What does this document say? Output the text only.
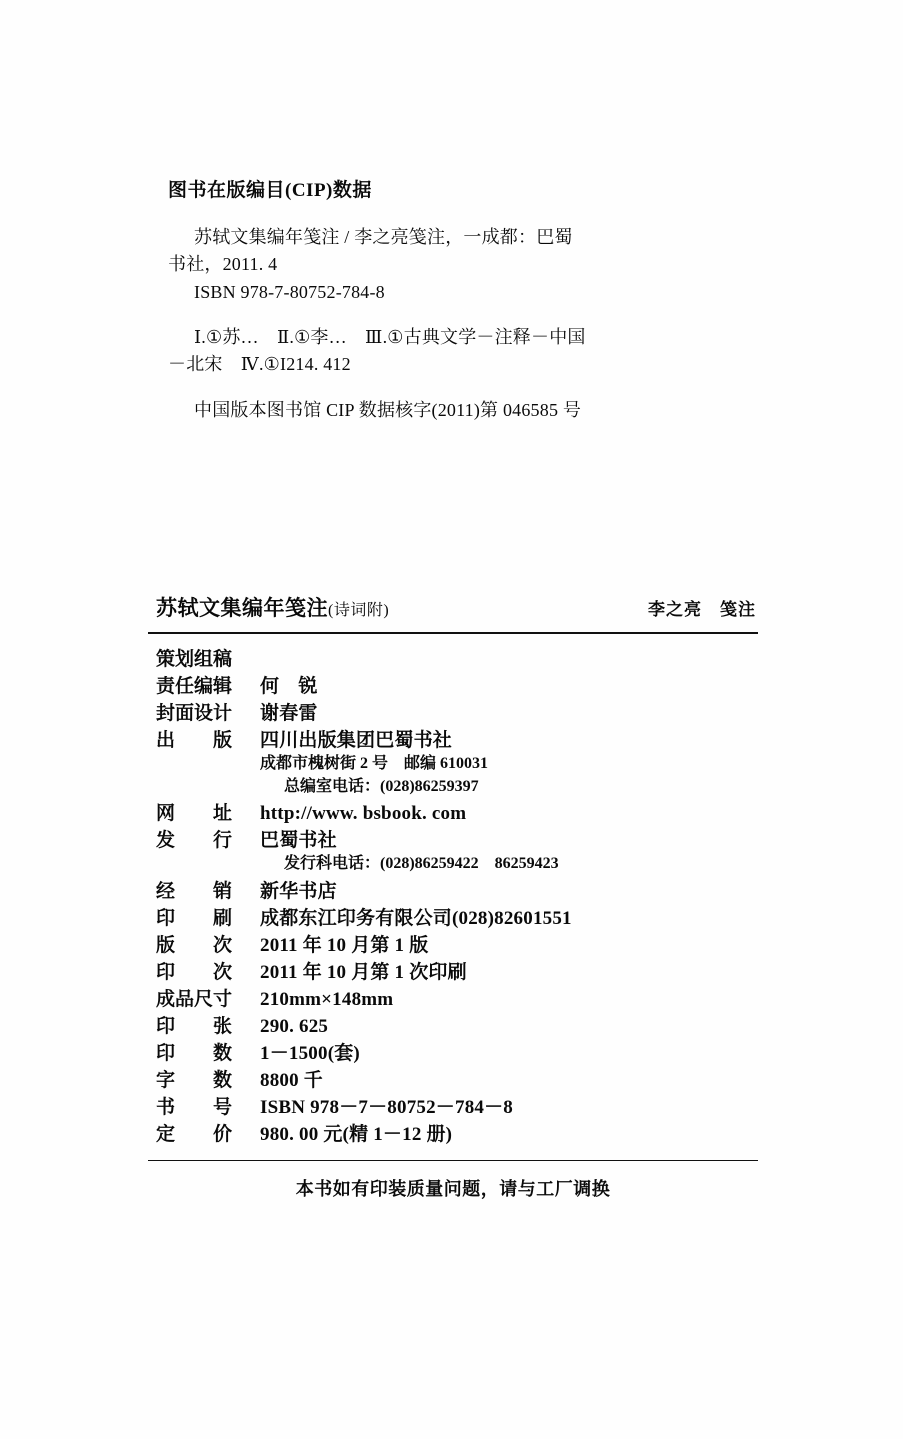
图书在版编目(CIP)数据
苏轼文集编年笺注 / 李之亮笺注，一成都：巴蜀
书社，2011. 4
ISBN 978-7-80752-784-8
Ⅰ.①苏…　Ⅱ.①李…　Ⅲ.①古典文学－注释－中国
－北宋　Ⅳ.①I214. 412
中国版本图书馆 CIP 数据核字(2011)第 046585 号
苏轼文集编年笺注(诗词附)	李之亮　笺注
策划组稿
责任编辑	何　锐
封面设计	谢春雷
出　　版	四川出版集团巴蜀书社
成都市槐树街 2 号　邮编 610031
总编室电话：(028)86259397
网　　址	http://www. bsbook. com
发　　行	巴蜀书社
发行科电话：(028)86259422　86259423
经　　销	新华书店
印　　刷	成都东江印务有限公司(028)82601551
版　　次	2011 年 10 月第 1 版
印　　次	2011 年 10 月第 1 次印刷
成品尺寸	210mm×148mm
印　　张	290. 625
印　　数	1－1500(套)
字　　数	8800 千
书　　号	ISBN 978－7－80752－784－8
定　　价	980. 00 元(精 1－12 册)
本书如有印装质量问题，请与工厂调换
